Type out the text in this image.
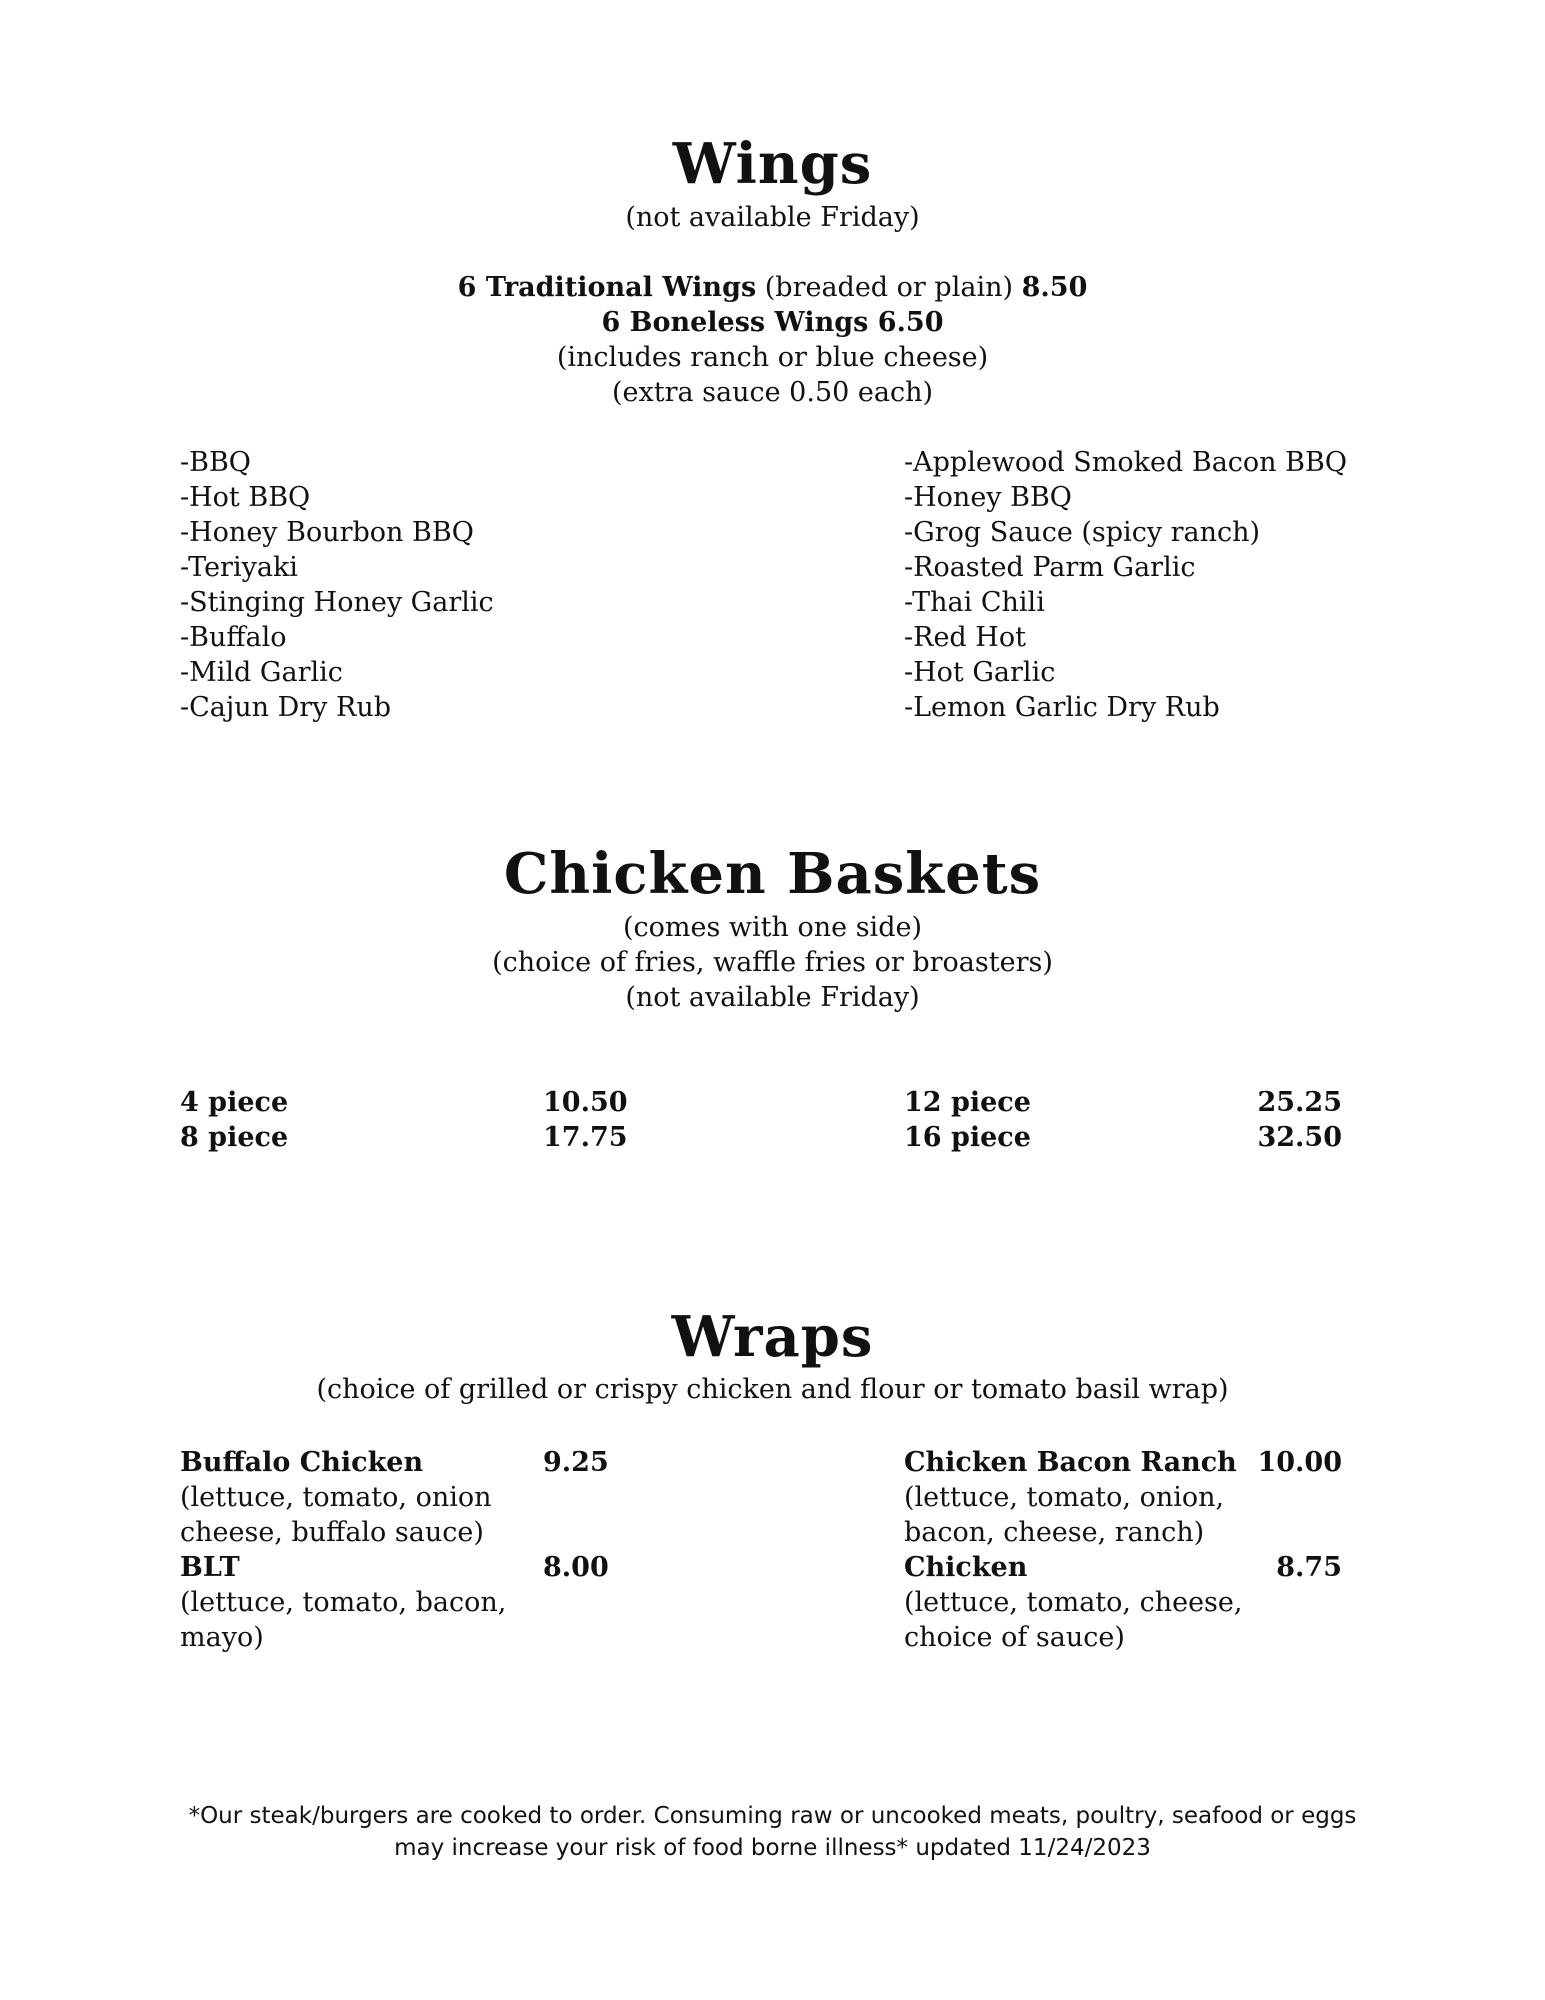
Wings
(not available Friday)
6 Traditional Wings (breaded or plain) 8.50
6 Boneless Wings 6.50
(includes ranch or blue cheese)
(extra sauce 0.50 each)
-BBQ
-Hot BBQ
-Honey Bourbon BBQ
-Teriyaki
-Stinging Honey Garlic
-Buffalo
-Mild Garlic
-Cajun Dry Rub
-Applewood Smoked Bacon BBQ
-Honey BBQ
-Grog Sauce (spicy ranch)
-Roasted Parm Garlic
-Thai Chili
-Red Hot
-Hot Garlic
-Lemon Garlic Dry Rub
Chicken Baskets
(comes with one side)
(choice of fries, waffle fries or broasters)
(not available Friday)
4 piece	10.50
8 piece	17.75
12 piece	25.25
16 piece	32.50
Wraps
(choice of grilled or crispy chicken and flour or tomato basil wrap)
Buffalo Chicken	9.25
(lettuce, tomato, onion
cheese, buffalo sauce)
BLT	8.00
(lettuce, tomato, bacon,
mayo)
Chicken Bacon Ranch 10.00
(lettuce, tomato, onion,
bacon, cheese, ranch)
Chicken	8.75
(lettuce, tomato, cheese,
choice of sauce)
*Our steak/burgers are cooked to order. Consuming raw or uncooked meats, poultry, seafood or eggs
may increase your risk of food borne illness* updated 11/24/2023
